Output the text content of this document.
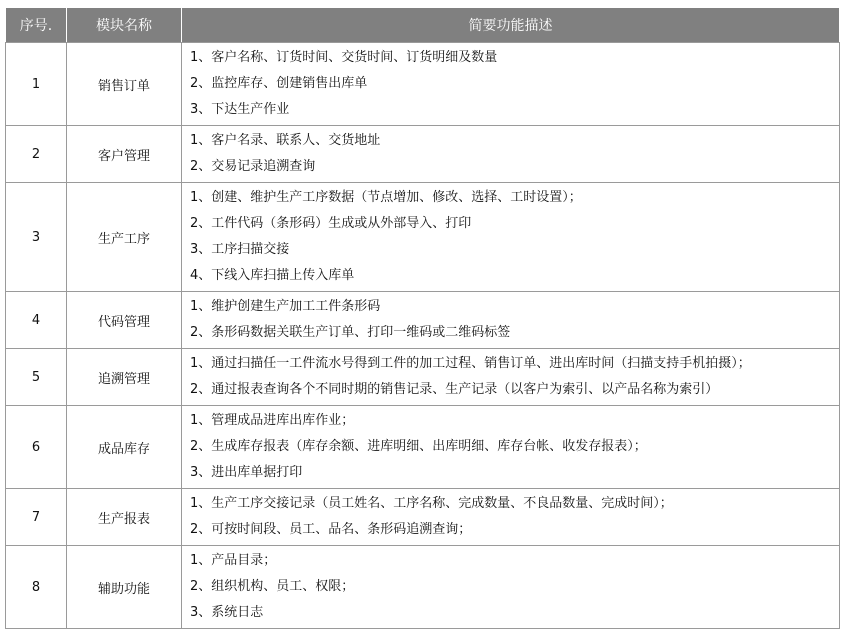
序号.	模块名称	简要功能描述
1	销售订单	1、客户名称、订货时间、交货时间、订货明细及数量
2、监控库存、创建销售出库单
3、下达生产作业

2	客户管理	1、客户名录、联系人、交货地址
2、交易记录追溯查询

3	生产工序	1、创建、维护生产工序数据（节点增加、修改、选择、工时设置）；
2、工件代码（条形码）生成或从外部导入、打印
3、工序扫描交接
4、下线入库扫描上传入库单

4	代码管理	1、维护创建生产加工工件条形码
2、条形码数据关联生产订单、打印一维码或二维码标签

5	追溯管理	1、通过扫描任一工件流水号得到工件的加工过程、销售订单、进出库时间（扫描支持手机拍摄）；
2、通过报表查询各个不同时期的销售记录、生产记录（以客户为索引、以产品名称为索引）

6	成品库存	1、管理成品进库出库作业；
2、生成库存报表（库存余额、进库明细、出库明细、库存台帐、收发存报表）；
3、进出库单据打印

7	生产报表	1、生产工序交接记录（员工姓名、工序名称、完成数量、不良品数量、完成时间）；
2、可按时间段、员工、品名、条形码追溯查询；

8	辅助功能	1、产品目录；
2、组织机构、员工、权限；
3、系统日志
